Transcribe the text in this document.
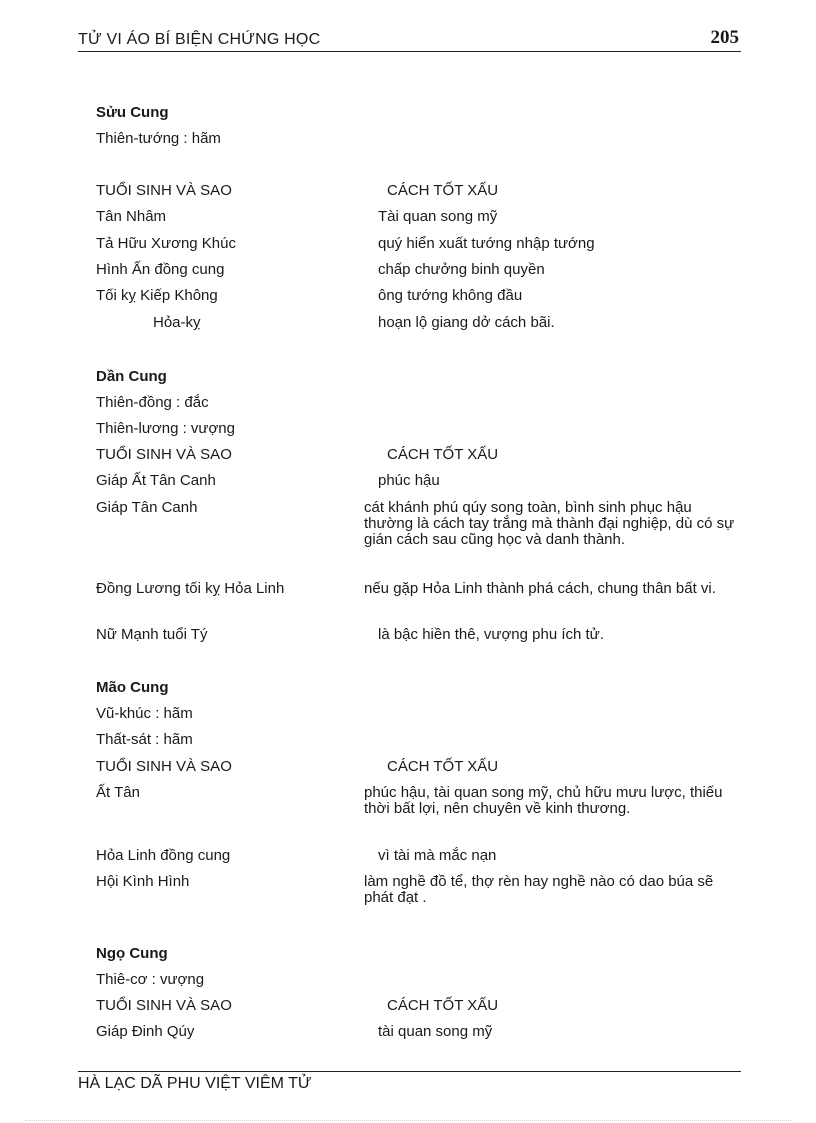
TỬ VI ÁO BÍ BIỆN CHỨNG HỌC	205
Sửu Cung
Thiên-tướng : hãm
TUỔI SINH VÀ SAO	CÁCH TỐT XẤU
Tân Nhâm	Tài quan song mỹ
Tả Hữu Xương Khúc	quý hiển xuất tướng nhập tướng
Hình Ấn đồng cung	chấp chưởng binh quyền
Tối kỵ Kiếp Không	ông tướng không đầu
Hỏa-kỵ	hoạn lộ giang dở cách bãi.
Dần Cung
Thiên-đồng : đắc
Thiên-lương : vượng
TUỔI SINH VÀ SAO	CÁCH TỐT XẤU
Giáp Ất Tân Canh	phúc hậu
Giáp Tân Canh	cát khánh phú qúy song toàn, bình sinh phục hậu thường là cách tay trắng mà thành đại nghiệp, dù có sự gián cách sau cũng học và danh thành.
Đồng Lương tối kỵ Hỏa Linh	nếu gặp Hỏa Linh thành phá cách, chung thân bất vi.
Nữ Mạnh tuổi Tý	là bậc hiền thê, vượng phu ích tử.
Mão Cung
Vũ-khúc : hãm
Thất-sát : hãm
TUỔI SINH VÀ SAO	CÁCH TỐT XẤU
Ất Tân	phúc hậu, tài quan song mỹ, chủ hữu mưu lược, thiếu thời bất lợi, nên chuyên về kinh thương.
Hỏa Linh đồng cung	vì tài mà mắc nạn
Hội Kình Hình	làm nghề đồ tể, thợ rèn hay nghề nào có dao búa sẽ phát đạt .
Ngọ Cung
Thiê-cơ : vượng
TUỔI SINH VÀ SAO	CÁCH TỐT XẤU
Giáp Đinh Qúy	tài quan song mỹ
HÀ LẠC DÃ PHU VIỆT VIÊM TỬ
